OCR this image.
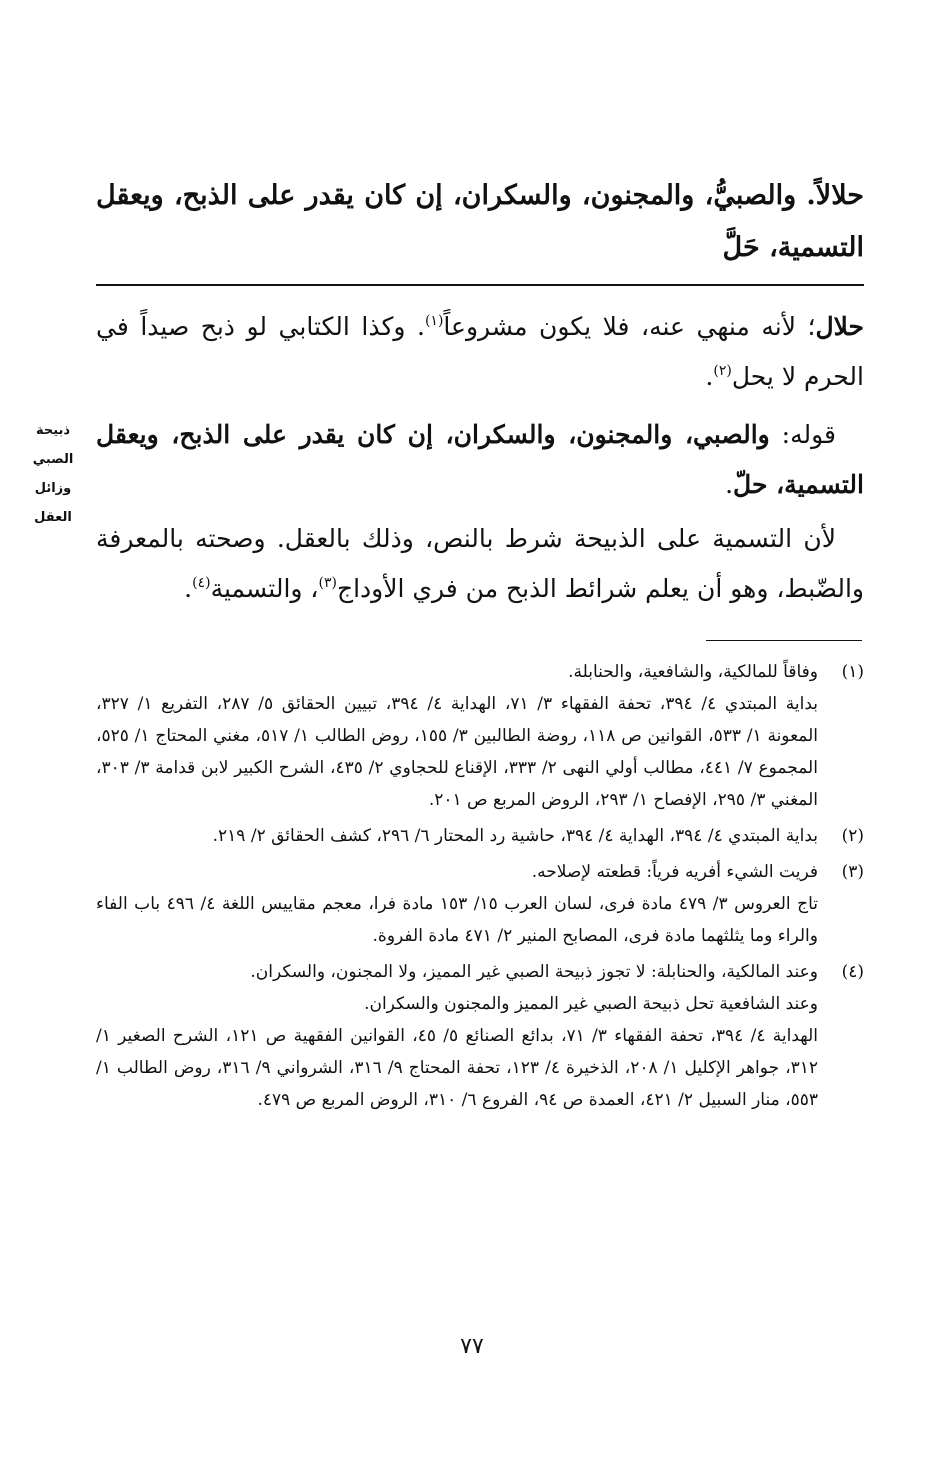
حلالاً. والصبيُّ، والمجنون، والسكران، إن كان يقدر على الذبح، ويعقل التسمية، حَلَّ
حلال؛ لأنه منهي عنه، فلا يكون مشروعاً$^{(١)}$. وكذا الكتابي لو ذبح صيداً في الحرم لا يحل$^{(٢)}$.
قوله: والصبي، والمجنون، والسكران، إن كان يقدر على الذبح، ويعقل التسمية، حلّ.
لأن التسمية على الذبيحة شرط بالنص، وذلك بالعقل. وصحته بالمعرفة والضّبط، وهو أن يعلم شرائط الذبح من فري الأوداج$^{(٣)}$، والتسمية$^{(٤)}$.
ذبيحة
الصبي
وزائل
العقل
(١)
وفاقاً للمالكية، والشافعية، والحنابلة.
بداية المبتدي ٤/ ٣٩٤، تحفة الفقهاء ٣/ ٧١، الهداية ٤/ ٣٩٤، تبيين الحقائق ٥/ ٢٨٧، التفريع ١/ ٣٢٧، المعونة ١/ ٥٣٣، القوانين ص ١١٨، روضة الطالبين ٣/ ١٥٥، روض الطالب ١/ ٥١٧، مغني المحتاج ١/ ٥٢٥، المجموع ٧/ ٤٤١، مطالب أولي النهى ٢/ ٣٣٣، الإقناع للحجاوي ٢/ ٤٣٥، الشرح الكبير لابن قدامة ٣/ ٣٠٣، المغني ٣/ ٢٩٥، الإفصاح ١/ ٢٩٣، الروض المربع ص ٢٠١.
(٢)
بداية المبتدي ٤/ ٣٩٤، الهداية ٤/ ٣٩٤، حاشية رد المحتار ٦/ ٢٩٦، كشف الحقائق ٢/ ٢١٩.
(٣)
فريت الشيء أفريه فرياً: قطعته لإصلاحه.
تاج العروس ٣/ ٤٧٩ مادة فرى، لسان العرب ١٥/ ١٥٣ مادة فرا، معجم مقاييس اللغة ٤/ ٤٩٦ باب الفاء والراء وما يثلثهما مادة فرى، المصابح المنير ٢/ ٤٧١ مادة الفروة.
(٤)
وعند المالكية، والحنابلة: لا تجوز ذبيحة الصبي غير المميز، ولا المجنون، والسكران.
وعند الشافعية تحل ذبيحة الصبي غير المميز والمجنون والسكران.
الهداية ٤/ ٣٩٤، تحفة الفقهاء ٣/ ٧١، بدائع الصنائع ٥/ ٤٥، القوانين الفقهية ص ١٢١، الشرح الصغير ١/ ٣١٢، جواهر الإكليل ١/ ٢٠٨، الذخيرة ٤/ ١٢٣، تحفة المحتاج ٩/ ٣١٦، الشرواني ٩/ ٣١٦، روض الطالب ١/ ٥٥٣، منار السبيل ٢/ ٤٢١، العمدة ص ٩٤، الفروع ٦/ ٣١٠، الروض المربع ص ٤٧٩.
٧٧
